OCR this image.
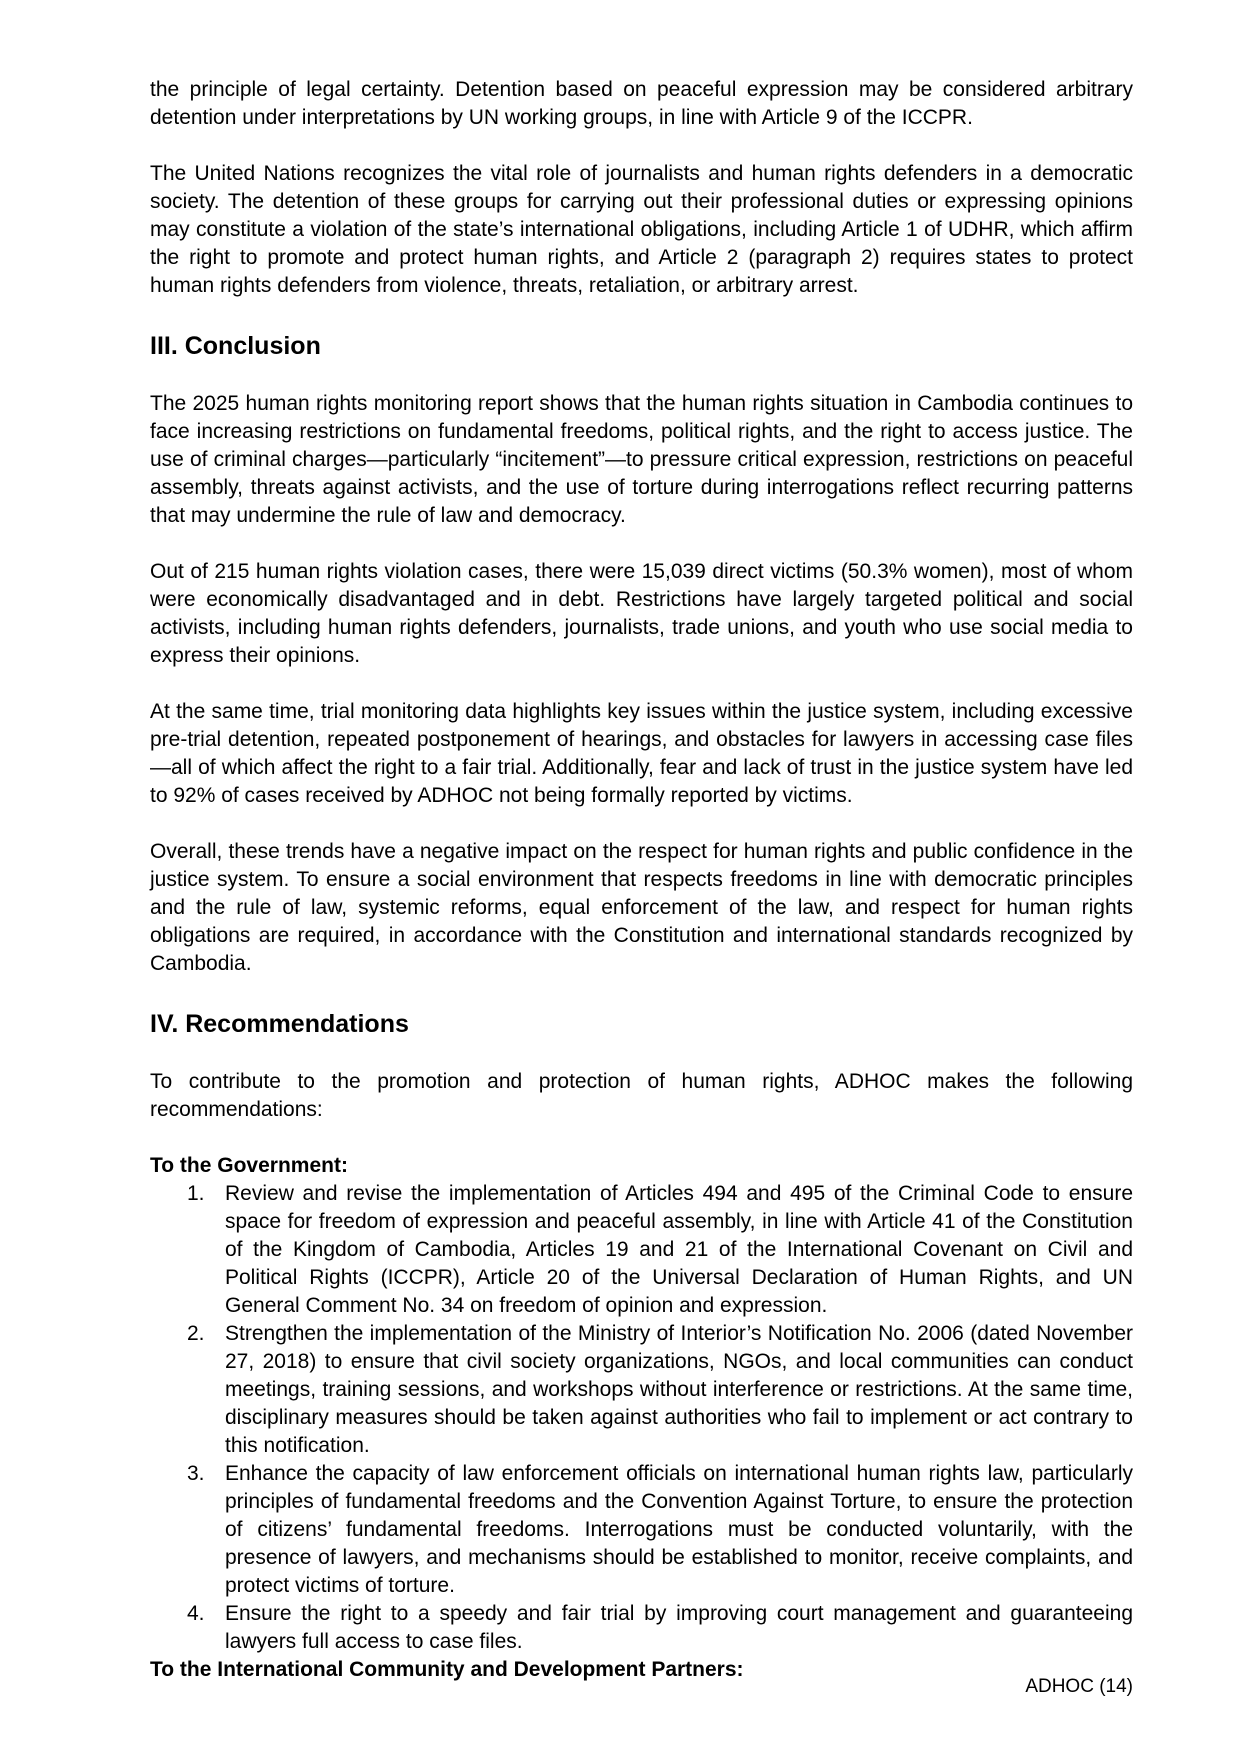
the principle of legal certainty. Detention based on peaceful expression may be considered arbitrary detention under interpretations by UN working groups, in line with Article 9 of the ICCPR.

The United Nations recognizes the vital role of journalists and human rights defenders in a democratic society. The detention of these groups for carrying out their professional duties or expressing opinions may constitute a violation of the state’s international obligations, including Article 1 of UDHR, which affirm the right to promote and protect human rights, and Article 2 (paragraph 2) requires states to protect human rights defenders from violence, threats, retaliation, or arbitrary arrest.

III. Conclusion

The 2025 human rights monitoring report shows that the human rights situation in Cambodia continues to face increasing restrictions on fundamental freedoms, political rights, and the right to access justice. The use of criminal charges—particularly “incitement”—to pressure critical expression, restrictions on peaceful assembly, threats against activists, and the use of torture during interrogations reflect recurring patterns that may undermine the rule of law and democracy.

Out of 215 human rights violation cases, there were 15,039 direct victims (50.3% women), most of whom were economically disadvantaged and in debt. Restrictions have largely targeted political and social activists, including human rights defenders, journalists, trade unions, and youth who use social media to express their opinions.

At the same time, trial monitoring data highlights key issues within the justice system, including excessive pre-trial detention, repeated postponement of hearings, and obstacles for lawyers in accessing case files—all of which affect the right to a fair trial. Additionally, fear and lack of trust in the justice system have led to 92% of cases received by ADHOC not being formally reported by victims.

Overall, these trends have a negative impact on the respect for human rights and public confidence in the justice system. To ensure a social environment that respects freedoms in line with democratic principles and the rule of law, systemic reforms, equal enforcement of the law, and respect for human rights obligations are required, in accordance with the Constitution and international standards recognized by Cambodia.

IV. Recommendations

To contribute to the promotion and protection of human rights, ADHOC makes the following recommendations:

To the Government:

1. Review and revise the implementation of Articles 494 and 495 of the Criminal Code to ensure space for freedom of expression and peaceful assembly, in line with Article 41 of the Constitution of the Kingdom of Cambodia, Articles 19 and 21 of the International Covenant on Civil and Political Rights (ICCPR), Article 20 of the Universal Declaration of Human Rights, and UN General Comment No. 34 on freedom of opinion and expression.
2. Strengthen the implementation of the Ministry of Interior’s Notification No. 2006 (dated November 27, 2018) to ensure that civil society organizations, NGOs, and local communities can conduct meetings, training sessions, and workshops without interference or restrictions. At the same time, disciplinary measures should be taken against authorities who fail to implement or act contrary to this notification.
3. Enhance the capacity of law enforcement officials on international human rights law, particularly principles of fundamental freedoms and the Convention Against Torture, to ensure the protection of citizens’ fundamental freedoms. Interrogations must be conducted voluntarily, with the presence of lawyers, and mechanisms should be established to monitor, receive complaints, and protect victims of torture.
4. Ensure the right to a speedy and fair trial by improving court management and guaranteeing lawyers full access to case files.

To the International Community and Development Partners:

ADHOC (14)
